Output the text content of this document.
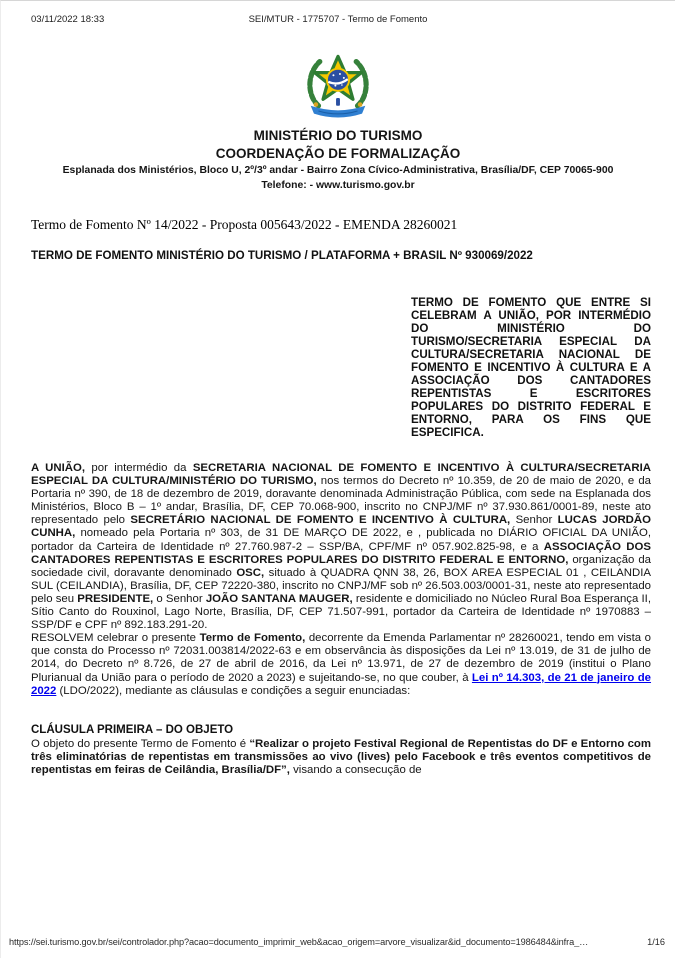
03/11/2022 18:33	SEI/MTUR - 1775707 - Termo de Fomento
MINISTÉRIO DO TURISMO
COORDENAÇÃO DE FORMALIZAÇÃO
Esplanada dos Ministérios, Bloco U, 2º/3º andar - Bairro Zona Cívico-Administrativa, Brasília/DF, CEP 70065-900
Telefone: - www.turismo.gov.br
Termo de Fomento Nº 14/2022 - Proposta 005643/2022 - EMENDA 28260021
TERMO DE FOMENTO MINISTÉRIO DO TURISMO / PLATAFORMA + BRASIL Nº 930069/2022
TERMO DE FOMENTO QUE ENTRE SI CELEBRAM A UNIÃO, POR INTERMÉDIO DO MINISTÉRIO DO TURISMO/SECRETARIA ESPECIAL DA CULTURA/SECRETARIA NACIONAL DE FOMENTO E INCENTIVO À CULTURA E A ASSOCIAÇÃO DOS CANTADORES REPENTISTAS E ESCRITORES POPULARES DO DISTRITO FEDERAL E ENTORNO, PARA OS FINS QUE ESPECIFICA.

A UNIÃO, por intermédio da SECRETARIA NACIONAL DE FOMENTO E INCENTIVO À CULTURA/SECRETARIA ESPECIAL DA CULTURA/MINISTÉRIO DO TURISMO, nos termos do Decreto nº 10.359, de 20 de maio de 2020, e da Portaria nº 390, de 18 de dezembro de 2019, doravante denominada Administração Pública, com sede na Esplanada dos Ministérios, Bloco B – 1º andar, Brasília, DF, CEP 70.068-900, inscrito no CNPJ/MF nº 37.930.861/0001-89, neste ato representado pelo SECRETÁRIO NACIONAL DE FOMENTO E INCENTIVO À CULTURA, Senhor LUCAS JORDÃO CUNHA, nomeado pela Portaria nº 303, de 31 DE MARÇO DE 2022, e , publicada no DIÁRIO OFICIAL DA UNIÃO, portador da Carteira de Identidade nº 27.760.987-2 – SSP/BA, CPF/MF nº 057.902.825-98, e a ASSOCIAÇÃO DOS CANTADORES REPENTISTAS E ESCRITORES POPULARES DO DISTRITO FEDERAL E ENTORNO, organização da sociedade civil, doravante denominado OSC, situado à QUADRA QNN 38, 26, BOX AREA ESPECIAL 01 , CEILANDIA SUL (CEILANDIA), Brasília, DF, CEP 72220-380, inscrito no CNPJ/MF sob nº 26.503.003/0001-31, neste ato representado pelo seu PRESIDENTE, o Senhor JOÃO SANTANA MAUGER, residente e domiciliado no Núcleo Rural Boa Esperança II, Sítio Canto do Rouxinol, Lago Norte, Brasília, DF, CEP 71.507-991, portador da Carteira de Identidade nº 1970883 – SSP/DF e CPF nº 892.183.291-20.

RESOLVEM celebrar o presente Termo de Fomento, decorrente da Emenda Parlamentar nº 28260021, tendo em vista o que consta do Processo nº 72031.003814/2022-63 e em observância às disposições da Lei nº 13.019, de 31 de julho de 2014, do Decreto nº 8.726, de 27 de abril de 2016, da Lei nº 13.971, de 27 de dezembro de 2019 (institui o Plano Plurianual da União para o período de 2020 a 2023) e sujeitando-se, no que couber, à Lei nº 14.303, de 21 de janeiro de 2022 (LDO/2022), mediante as cláusulas e condições a seguir enunciadas:

CLÁUSULA PRIMEIRA – DO OBJETO

O objeto do presente Termo de Fomento é “Realizar o projeto Festival Regional de Repentistas do DF e Entorno com três eliminatórias de repentistas em transmissões ao vivo (lives) pelo Facebook e três eventos competitivos de repentistas em feiras de Ceilândia, Brasília/DF”, visando a consecução de

https://sei.turismo.gov.br/sei/controlador.php?acao=documento_imprimir_web&acao_origem=arvore_visualizar&id_documento=1986484&infra_…	1/16
